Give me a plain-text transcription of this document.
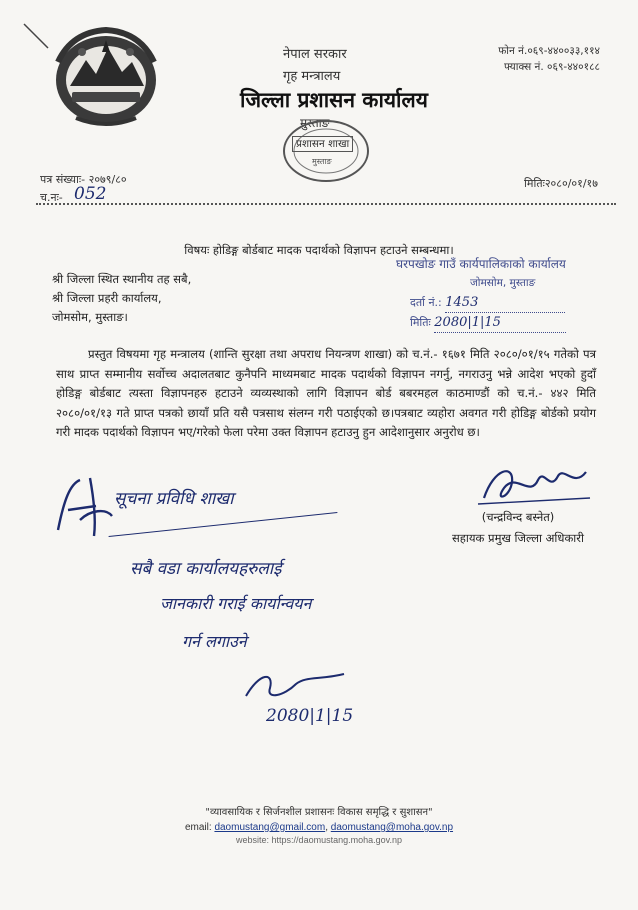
नेपाल सरकार
गृह मन्त्रालय
जिल्ला प्रशासन कार्यालय
मुस्ताङ
फोन नं.०६९-४४००३३,११४
फ्याक्स नं. ०६९-४४०१८८
प्रशासन शाखा
मुस्ताङ
पत्र संख्याः- २०७९/८०
च.नः- 052
मितिः२०८०/०१/१७
विषयः होडिङ्ग बोर्डबाट मादक पदार्थको विज्ञापन हटाउने सम्बन्धमा।
श्री जिल्ला स्थित स्थानीय तह सबै,
श्री जिल्ला प्रहरी कार्यालय,
जोमसोम, मुस्ताङ।
घरपखोङ गाउँ कार्यपालिकाको कार्यालय
जोमसोम, मुस्ताङ
दर्ता नं.: 1453
मितिः 2080|1|15

प्रस्तुत विषयमा गृह मन्त्रालय (शान्ति सुरक्षा तथा अपराध नियन्त्रण शाखा) को च.नं.- १६७१ मिति २०८०/०१/१५ गतेको पत्र साथ प्राप्त सम्मानीय सर्वोच्च अदालतबाट कुनैपनि माध्यमबाट मादक पदार्थको विज्ञापन नगर्नु, नगराउनु भन्ने आदेश भएको हुदाँ होडिङ्ग बोर्डबाट त्यस्ता विज्ञापनहरु हटाउने व्यव्यस्थाको लागि विज्ञापन बोर्ड बबरमहल काठमाण्डौं को च.नं.- ४४२ मिति २०८०/०१/१३ गते प्राप्त पत्रको छायाँ प्रति यसै पत्रसाथ संलग्न गरी पठाईएको छ।पत्रबाट व्यहोरा अवगत गरी होडिङ्ग बोर्डको प्रयोग गरी मादक पदार्थको विज्ञापन भए/गरेको फेला परेमा उक्त विज्ञापन हटाउनु हुन आदेशानुसार अनुरोध छ।

(चन्द्रविन्द बस्नेत)
सहायक प्रमुख जिल्ला अधिकारी
सूचना प्रविधि शाखा
सबै वडा कार्यालयहरुलाई
जानकारी गराई कार्यान्वयन
गर्न लगाउने
2080|1|15
"व्यावसायिक र सिर्जनशील प्रशासनः विकास समृद्धि र सुशासन"
email: daomustang@gmail.com, daomustang@moha.gov.np
website: https://daomustang.moha.gov.np
